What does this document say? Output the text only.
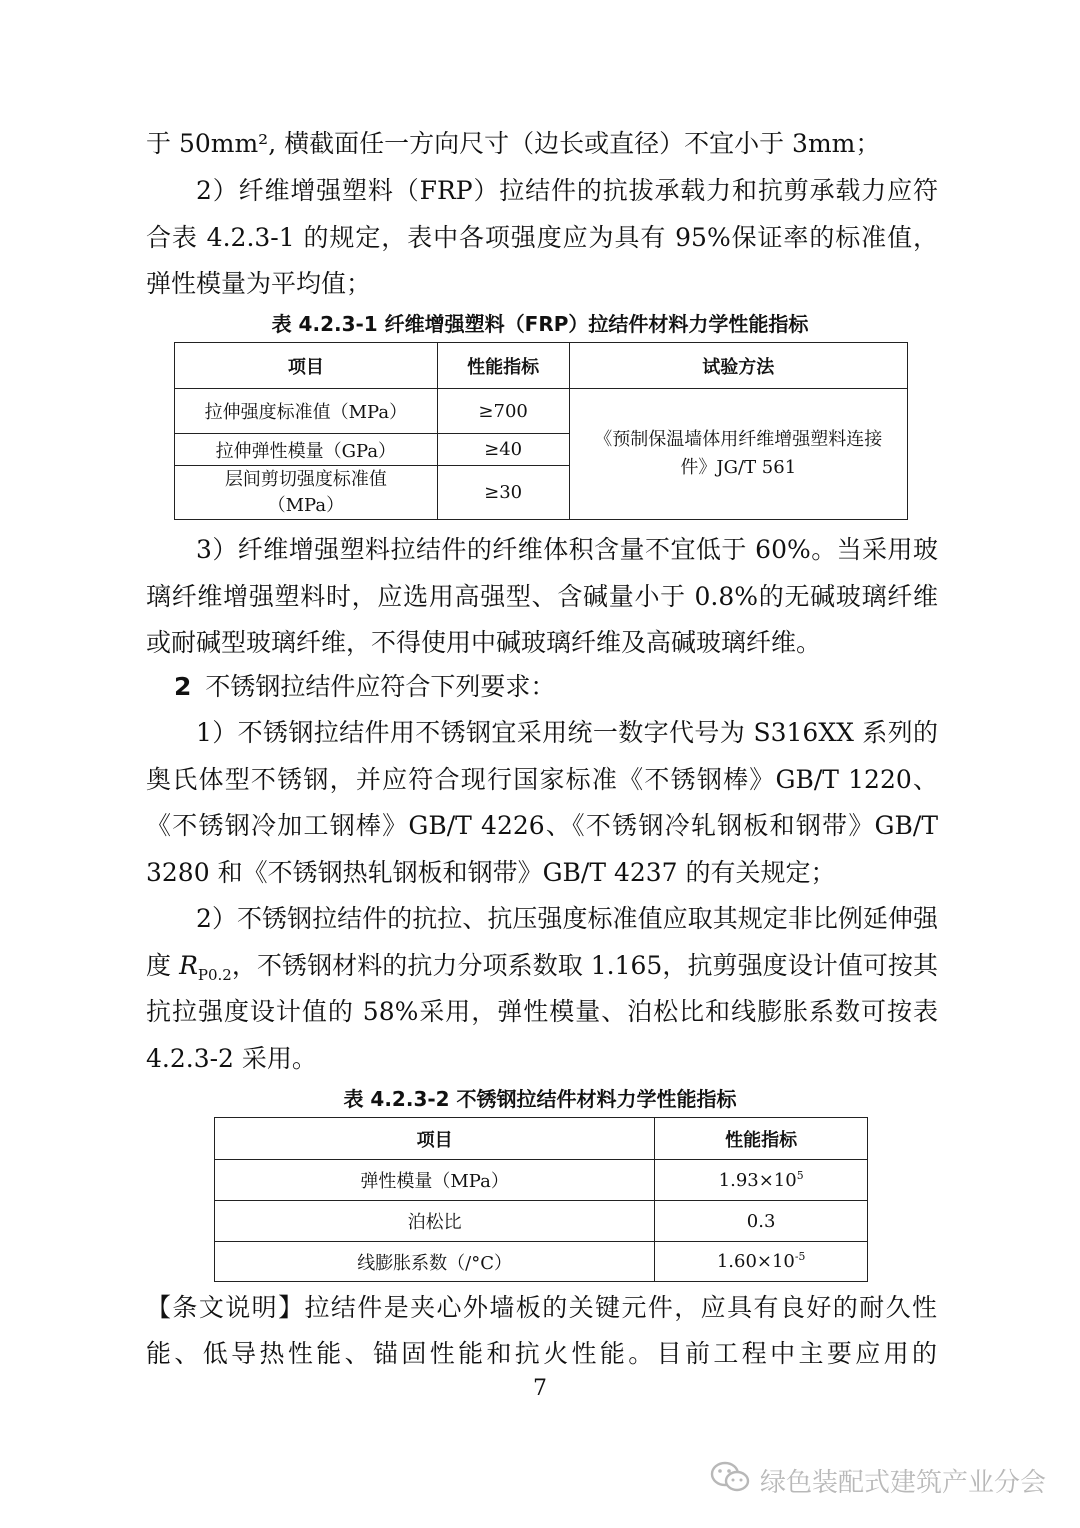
于 50mm², 横截面任一方向尺寸（边长或直径）不宜小于 3mm；
2）纤维增强塑料（FRP）拉结件的抗拔承载力和抗剪承载力应符合表 4.2.3-1 的规定，表中各项强度应为具有 95%保证率的标准值，弹性模量为平均值；
表 4.2.3-1 纤维增强塑料（FRP）拉结件材料力学性能指标
项目	性能指标	试验方法
拉伸强度标准值（MPa）	≥700	《预制保温墙体用纤维增强塑料连接件》JG/T 561
拉伸弹性模量（GPa）	≥40	
层间剪切强度标准值（MPa）	≥30	
3）纤维增强塑料拉结件的纤维体积含量不宜低于 60%。当采用玻璃纤维增强塑料时，应选用高强型、含碱量小于 0.8%的无碱玻璃纤维或耐碱型玻璃纤维，不得使用中碱玻璃纤维及高碱玻璃纤维。
2 不锈钢拉结件应符合下列要求：
1）不锈钢拉结件用不锈钢宜采用统一数字代号为 S316XX 系列的奥氏体型不锈钢，并应符合现行国家标准《不锈钢棒》GB/T 1220、《不锈钢冷加工钢棒》GB/T 4226、《不锈钢冷轧钢板和钢带》GB/T 3280 和《不锈钢热轧钢板和钢带》GB/T 4237 的有关规定；
2）不锈钢拉结件的抗拉、抗压强度标准值应取其规定非比例延伸强度 $R_{P0.2}$，不锈钢材料的抗力分项系数取 1.165，抗剪强度设计值可按其抗拉强度设计值的 58%采用，弹性模量、泊松比和线膨胀系数可按表 4.2.3-2 采用。
表 4.2.3-2 不锈钢拉结件材料力学性能指标
项目	性能指标
弹性模量（MPa）	$1.93\times 10^5$
泊松比	0.3
线膨胀系数（/°C）	$1.60\times 10^{-5}$
【条文说明】拉结件是夹心外墙板的关键元件，应具有良好的耐久性能、低导热性能、锚固性能和抗火性能。目前工程中主要应用的
7
绿色装配式建筑产业分会
